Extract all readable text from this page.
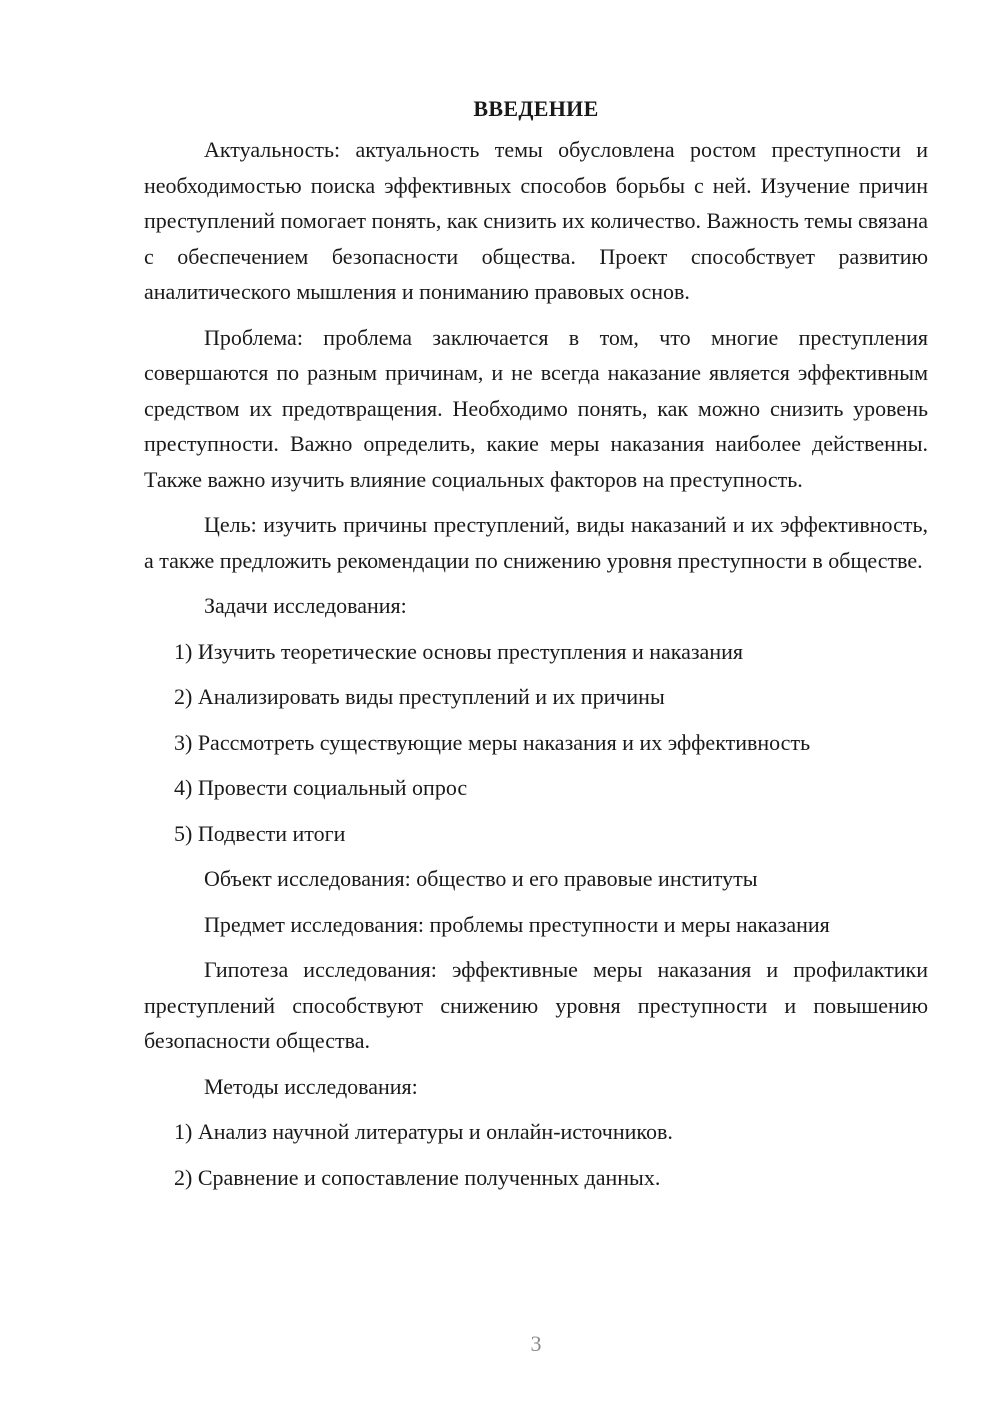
ВВЕДЕНИЕ

Актуальность: актуальность темы обусловлена ростом преступности и необходимостью поиска эффективных способов борьбы с ней. Изучение причин преступлений помогает понять, как снизить их количество. Важность темы связана с обеспечением безопасности общества. Проект способствует развитию аналитического мышления и пониманию правовых основ.

Проблема: проблема заключается в том, что многие преступления совершаются по разным причинам, и не всегда наказание является эффективным средством их предотвращения. Необходимо понять, как можно снизить уровень преступности. Важно определить, какие меры наказания наиболее действенны. Также важно изучить влияние социальных факторов на преступность.

Цель: изучить причины преступлений, виды наказаний и их эффективность, а также предложить рекомендации по снижению уровня преступности в обществе.

Задачи исследования:

1) Изучить теоретические основы преступления и наказания

2) Анализировать виды преступлений и их причины

3) Рассмотреть существующие меры наказания и их эффективность

4) Провести социальный опрос

5) Подвести итоги

Объект исследования: общество и его правовые институты

Предмет исследования: проблемы преступности и меры наказания

Гипотеза исследования: эффективные меры наказания и профилактики преступлений способствуют снижению уровня преступности и повышению безопасности общества.

Методы исследования:

1) Анализ научной литературы и онлайн-источников.

2) Сравнение и сопоставление полученных данных.

3
